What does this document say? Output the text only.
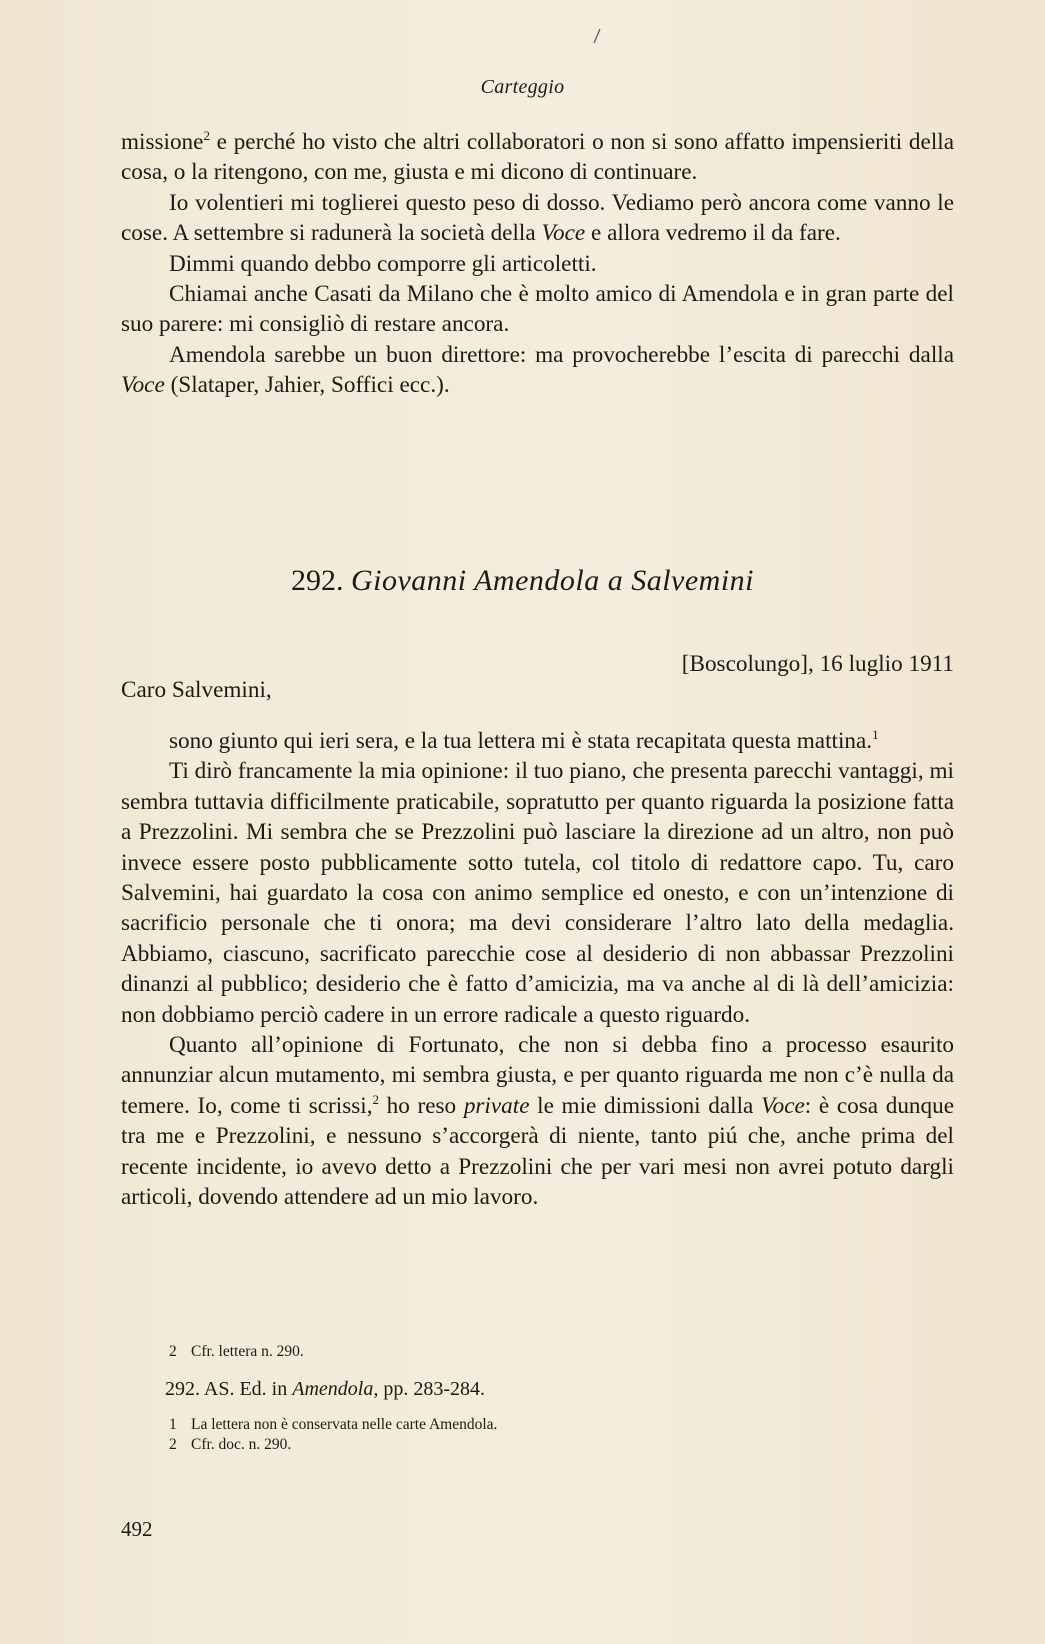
Carteggio

missione$^2$ e perché ho visto che altri collaboratori o non si sono affatto impensieriti della cosa, o la ritengono, con me, giusta e mi dicono di continuare.

Io volentieri mi toglierei questo peso di dosso. Vediamo però ancora come vanno le cose. A settembre si radunerà la società della Voce e allora vedremo il da fare.

Dimmi quando debbo comporre gli articoletti.

Chiamai anche Casati da Milano che è molto amico di Amendola e in gran parte del suo parere: mi consigliò di restare ancora.

Amendola sarebbe un buon direttore: ma provocherebbe l’escita di parecchi dalla Voce (Slataper, Jahier, Soffici ecc.).

292. Giovanni Amendola a Salvemini
[Boscolungo], 16 luglio 1911
Caro Salvemini,

sono giunto qui ieri sera, e la tua lettera mi è stata recapitata questa mattina.$^1$

Ti dirò francamente la mia opinione: il tuo piano, che presenta parecchi vantaggi, mi sembra tuttavia difficilmente praticabile, sopratutto per quanto riguarda la posizione fatta a Prezzolini. Mi sembra che se Prezzolini può lasciare la direzione ad un altro, non può invece essere posto pubblicamente sotto tutela, col titolo di redattore capo. Tu, caro Salvemini, hai guardato la cosa con animo semplice ed onesto, e con un’intenzione di sacrificio personale che ti onora; ma devi considerare l’altro lato della medaglia. Abbiamo, ciascuno, sacrificato parecchie cose al desiderio di non abbassar Prezzolini dinanzi al pubblico; desiderio che è fatto d’amicizia, ma va anche al di là dell’amicizia: non dobbiamo perciò cadere in un errore radicale a questo riguardo.

Quanto all’opinione di Fortunato, che non si debba fino a processo esaurito annunziar alcun mutamento, mi sembra giusta, e per quanto riguarda me non c’è nulla da temere. Io, come ti scrissi,$^2$ ho reso private le mie dimissioni dalla Voce: è cosa dunque tra me e Prezzolini, e nessuno s’accorgerà di niente, tanto piú che, anche prima del recente incidente, io avevo detto a Prezzolini che per vari mesi non avrei potuto dargli articoli, dovendo attendere ad un mio lavoro.

2 Cfr. lettera n. 290.
1 La lettera non è conservata nelle carte Amendola.
2 Cfr. doc. n. 290.
292. AS. Ed. in Amendola, pp. 283-284.
492
